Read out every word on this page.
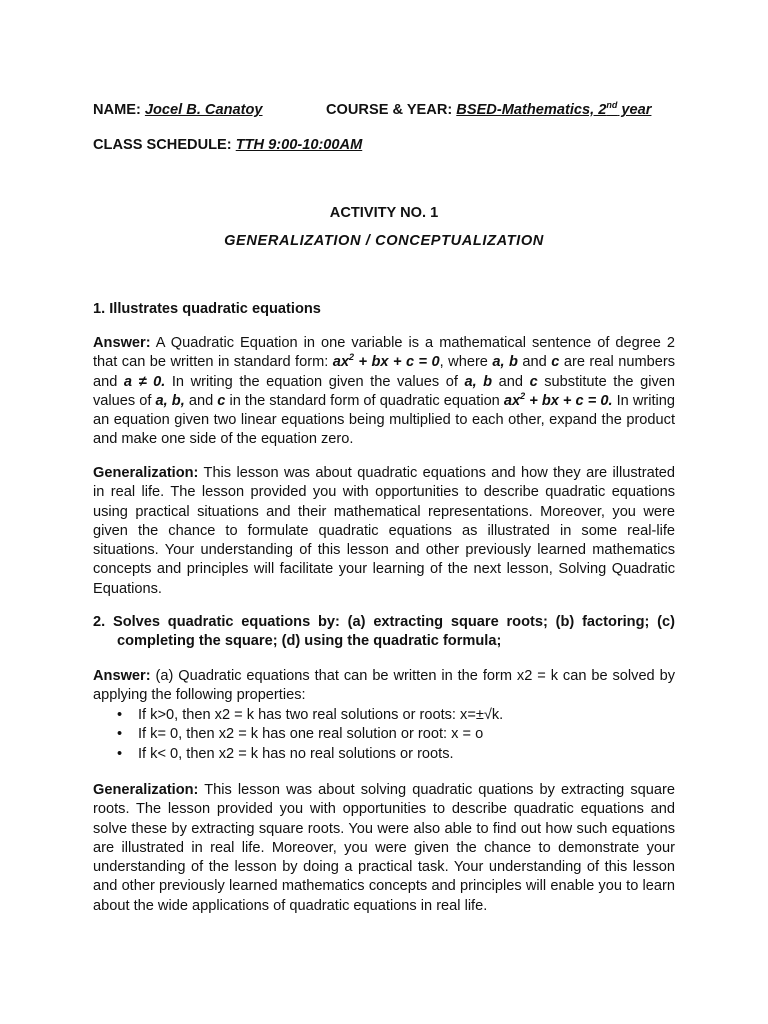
NAME: Jocel B. Canatoy	COURSE & YEAR: BSED-Mathematics, 2nd year
CLASS SCHEDULE: TTH 9:00-10:00AM
ACTIVITY NO. 1
GENERALIZATION / CONCEPTUALIZATION
1. Illustrates quadratic equations

Answer: A Quadratic Equation in one variable is a mathematical sentence of degree 2 that can be written in standard form: $ax^2$ + bx + c = 0, where a, b and c are real numbers and a ≠ 0. In writing the equation given the values of a, b and c substitute the given values of a, b, and c in the standard form of quadratic equation $ax^2$ + bx + c = 0. In writing an equation given two linear equations being multiplied to each other, expand the product and make one side of the equation zero.

Generalization: This lesson was about quadratic equations and how they are illustrated in real life. The lesson provided you with opportunities to describe quadratic equations using practical situations and their mathematical representations. Moreover, you were given the chance to formulate quadratic equations as illustrated in some real-life situations. Your understanding of this lesson and other previously learned mathematics concepts and principles will facilitate your learning of the next lesson, Solving Quadratic Equations.

2. Solves quadratic equations by: (a) extracting square roots; (b) factoring; (c) completing the square; (d) using the quadratic formula;

Answer: (a) Quadratic equations that can be written in the form x2 = k can be solved by applying the following properties:

• If k>0, then x2 = k has two real solutions or roots: x=±√k.
• If k= 0, then x2 = k has one real solution or root: x = o
• If k< 0, then x2 = k has no real solutions or roots.

Generalization: This lesson was about solving quadratic quations by extracting square roots. The lesson provided you with opportunities to describe quadratic equations and solve these by extracting square roots. You were also able to find out how such equations are illustrated in real life. Moreover, you were given the chance to demonstrate your understanding of the lesson by doing a practical task. Your understanding of this lesson and other previously learned mathematics concepts and principles will enable you to learn about the wide applications of quadratic equations in real life.
